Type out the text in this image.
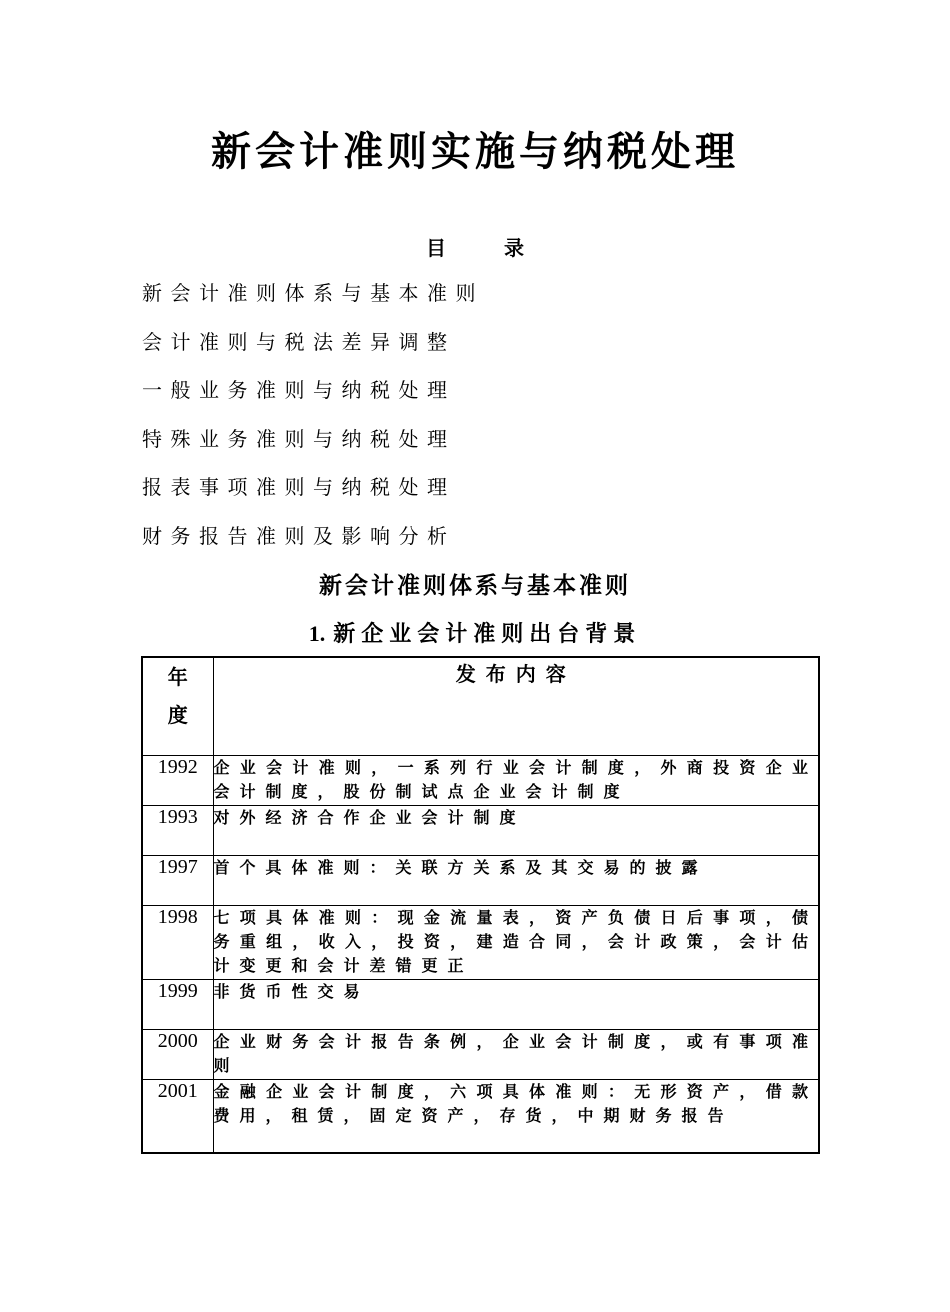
新会计准则实施与纳税处理
目	录
新会计准则体系与基本准则
会计准则与税法差异调整
一般业务准则与纳税处理
特殊业务准则与纳税处理
报表事项准则与纳税处理
财务报告准则及影响分析
新会计准则体系与基本准则
1. 新企业会计准则出台背景
年
度	发布内容
1992	企业会计准则，一系列行业会计制度，外商投资企业会计制度，股份制试点企业会计制度
1993	对外经济合作企业会计制度
1997	首个具体准则：关联方关系及其交易的披露
1998	七项具体准则：现金流量表，资产负债日后事项，债务重组，收入，投资，建造合同，会计政策，会计估计变更和会计差错更正
1999	非货币性交易
2000	企业财务会计报告条例，企业会计制度，或有事项准则
2001	金融企业会计制度，六项具体准则：无形资产，借款费用，租赁，固定资产，存货，中期财务报告
